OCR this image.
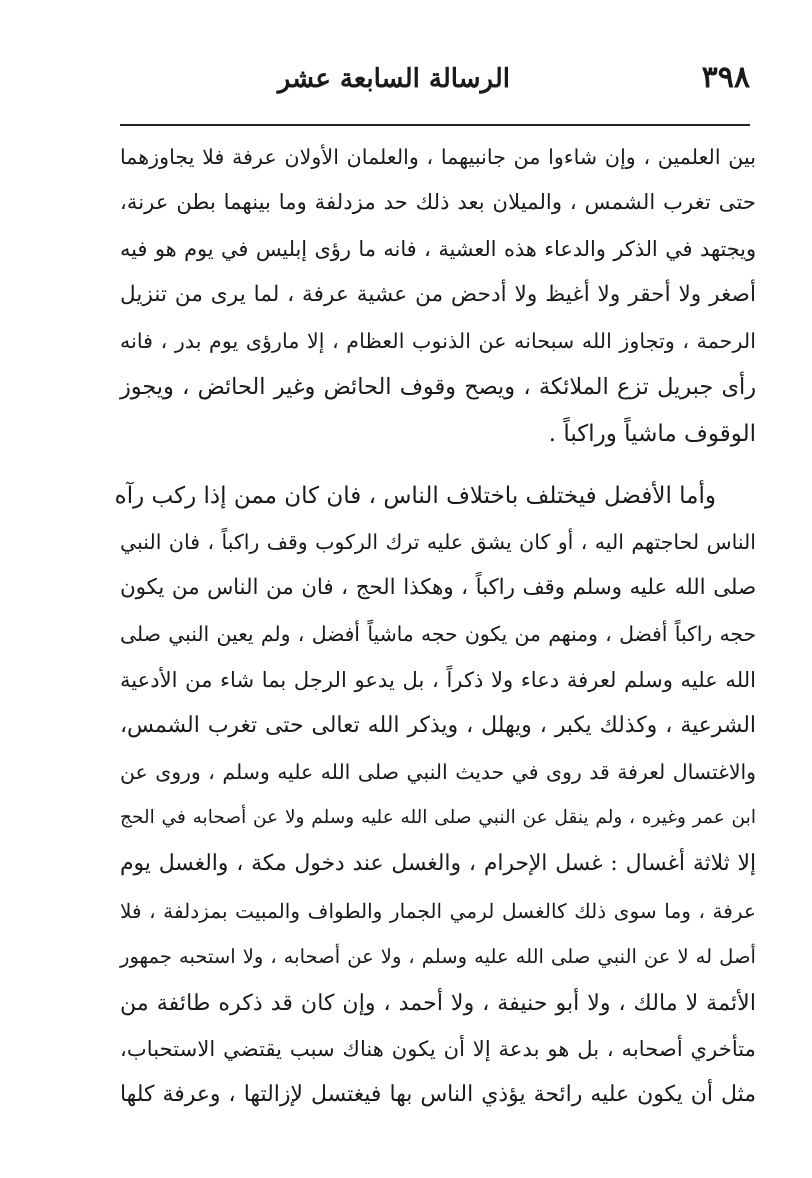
٣٩٨
الرسالة السابعة عشر
بين العلمين ، وإن شاءوا من جانبيهما ، والعلمان الأولان عرفة فلا يجاوزهما
حتى تغرب الشمس ، والميلان بعد ذلك حد مزدلفة وما بينهما بطن عرنة،
ويجتهد في الذكر والدعاء هذه العشية ، فانه ما رؤى إبليس في يوم هو فيه
أصغر ولا أحقر ولا أغيظ ولا أدحض من عشية عرفة ، لما يرى من تنزيل
الرحمة ، وتجاوز الله سبحانه عن الذنوب العظام ، إلا مارؤى يوم بدر ، فانه
رأى جبريل تزع الملائكة ، ويصح وقوف الحائض وغير الحائض ، ويجوز
الوقوف ماشياً وراكباً .
وأما الأفضل فيختلف باختلاف الناس ، فان كان ممن إذا ركب رآه
الناس لحاجتهم اليه ، أو كان يشق عليه ترك الركوب وقف راكباً ، فان النبي
صلى الله عليه وسلم وقف راكباً ، وهكذا الحج ، فان من الناس من يكون
حجه راكباً أفضل ، ومنهم من يكون حجه ماشياً أفضل ، ولم يعين النبي صلى
الله عليه وسلم لعرفة دعاء ولا ذكراً ، بل يدعو الرجل بما شاء من الأدعية
الشرعية ، وكذلك يكبر ، ويهلل ، ويذكر الله تعالى حتى تغرب الشمس،
والاغتسال لعرفة قد روى في حديث النبي صلى الله عليه وسلم ، وروى عن
ابن عمر وغيره ، ولم ينقل عن النبي صلى الله عليه وسلم ولا عن أصحابه في الحج
إلا ثلاثة أغسال : غسل الإحرام ، والغسل عند دخول مكة ، والغسل يوم
عرفة ، وما سوى ذلك كالغسل لرمي الجمار والطواف والمبيت بمزدلفة ، فلا
أصل له لا عن النبي صلى الله عليه وسلم ، ولا عن أصحابه ، ولا استحبه جمهور
الأئمة لا مالك ، ولا أبو حنيفة ، ولا أحمد ، وإن كان قد ذكره طائفة من
متأخري أصحابه ، بل هو بدعة إلا أن يكون هناك سبب يقتضي الاستحباب،
مثل أن يكون عليه رائحة يؤذي الناس بها فيغتسل لإزالتها ، وعرفة كلها
